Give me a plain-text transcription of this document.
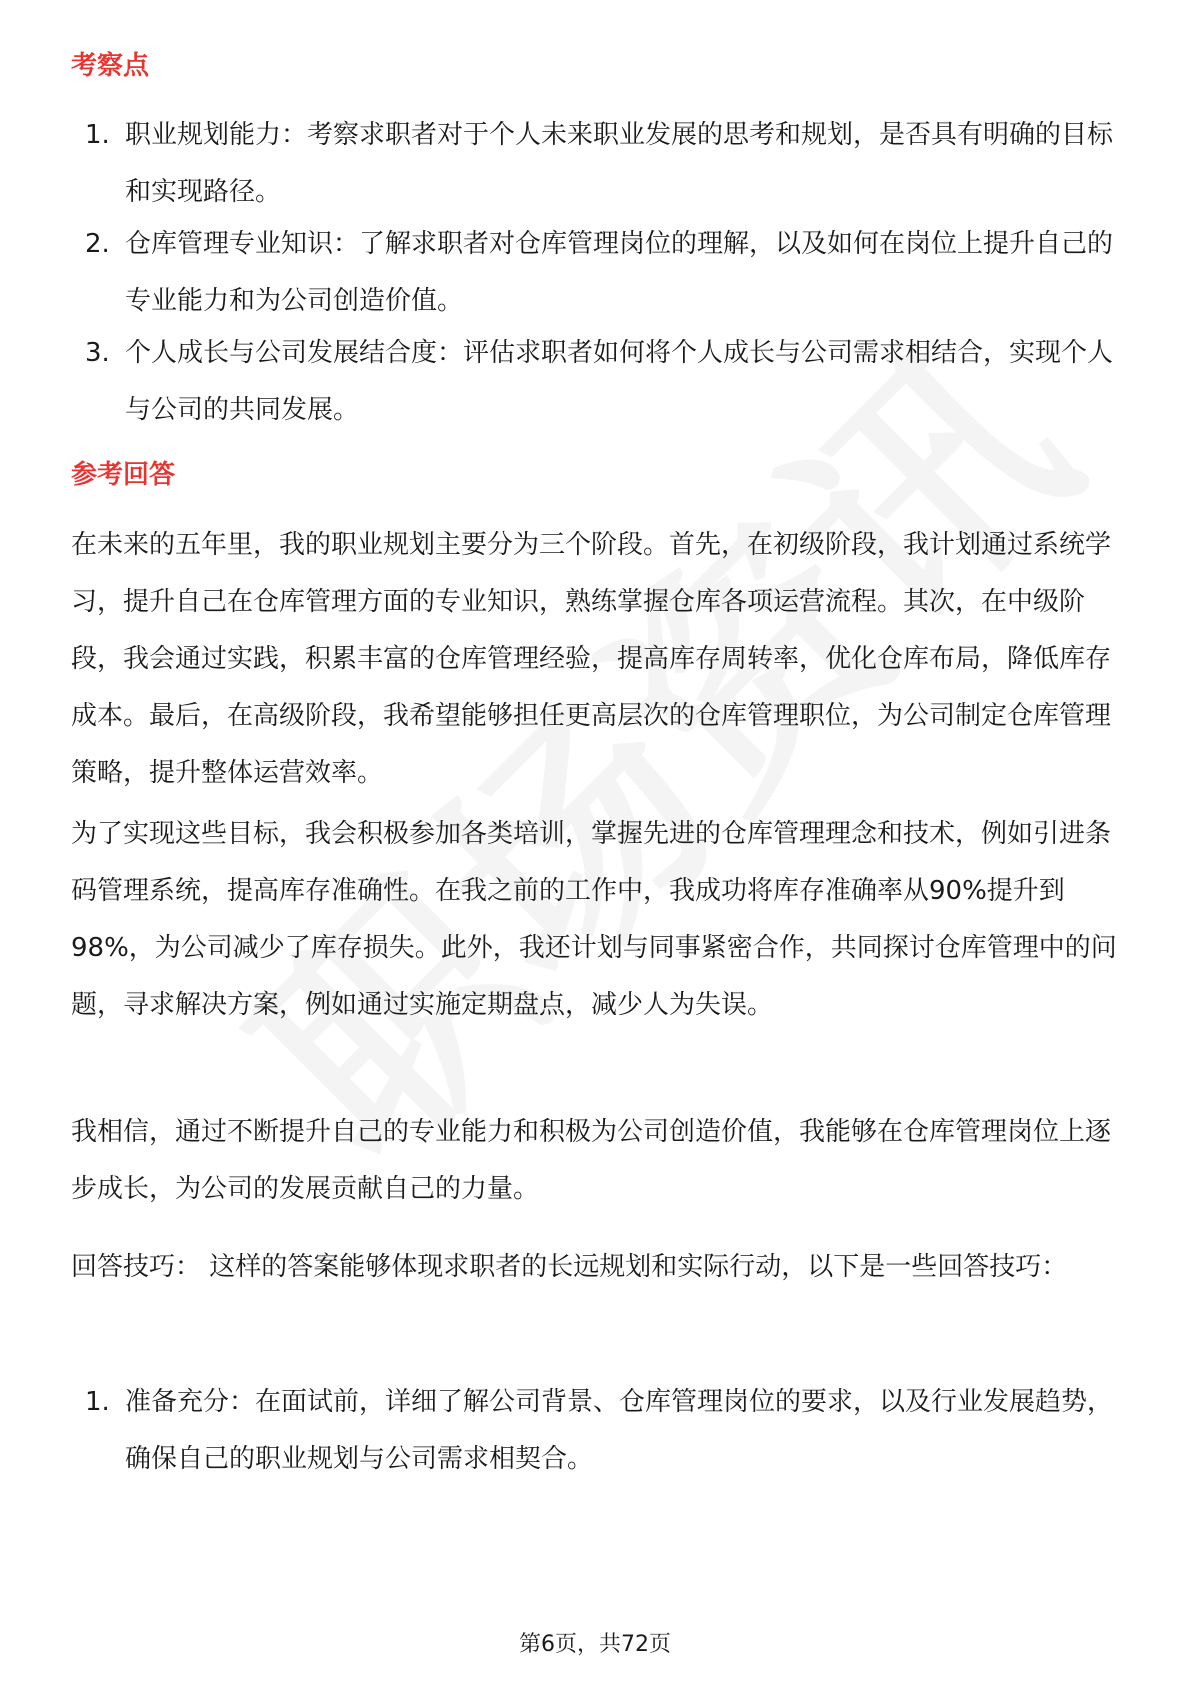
考察点
1. 职业规划能力：考察求职者对于个人未来职业发展的思考和规划，是否具有明确的目标和实现路径。
2. 仓库管理专业知识：了解求职者对仓库管理岗位的理解，以及如何在岗位上提升自己的专业能力和为公司创造价值。
3. 个人成长与公司发展结合度：评估求职者如何将个人成长与公司需求相结合，实现个人与公司的共同发展。
参考回答

在未来的五年里，我的职业规划主要分为三个阶段。首先，在初级阶段，我计划通过系统学习，提升自己在仓库管理方面的专业知识，熟练掌握仓库各项运营流程。其次，在中级阶段，我会通过实践，积累丰富的仓库管理经验，提高库存周转率，优化仓库布局，降低库存成本。最后，在高级阶段，我希望能够担任更高层次的仓库管理职位，为公司制定仓库管理策略，提升整体运营效率。

为了实现这些目标，我会积极参加各类培训，掌握先进的仓库管理理念和技术，例如引进条码管理系统，提高库存准确性。在我之前的工作中，我成功将库存准确率从90%提升到98%，为公司减少了库存损失。此外，我还计划与同事紧密合作，共同探讨仓库管理中的问题，寻求解决方案，例如通过实施定期盘点，减少人为失误。

我相信，通过不断提升自己的专业能力和积极为公司创造价值，我能够在仓库管理岗位上逐步成长，为公司的发展贡献自己的力量。

回答技巧： 这样的答案能够体现求职者的长远规划和实际行动，以下是一些回答技巧：

1. 准备充分：在面试前，详细了解公司背景、仓库管理岗位的要求，以及行业发展趋势，确保自己的职业规划与公司需求相契合。
第6页，共72页
